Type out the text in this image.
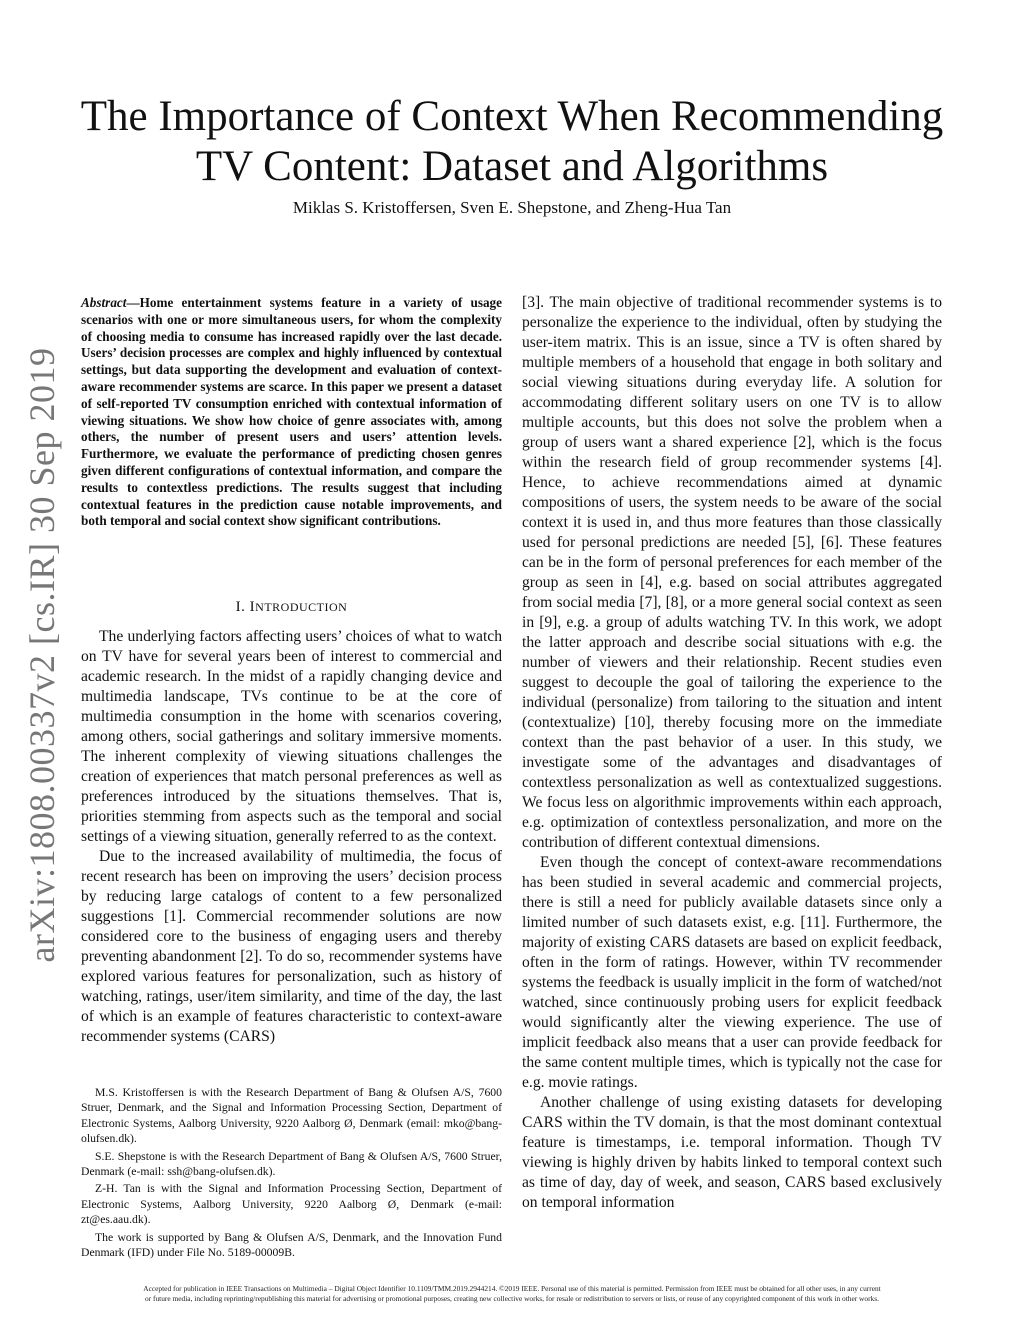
arXiv:1808.00337v2 [cs.IR] 30 Sep 2019
The Importance of Context When Recommending
TV Content: Dataset and Algorithms
Miklas S. Kristoffersen, Sven E. Shepstone, and Zheng-Hua Tan
Abstract—Home entertainment systems feature in a variety of usage scenarios with one or more simultaneous users, for whom the complexity of choosing media to consume has increased rapidly over the last decade. Users’ decision processes are complex and highly influenced by contextual settings, but data supporting the development and evaluation of context-aware recommender systems are scarce. In this paper we present a dataset of self-reported TV consumption enriched with contextual information of viewing situations. We show how choice of genre associates with, among others, the number of present users and users’ attention levels. Furthermore, we evaluate the performance of predicting chosen genres given different configurations of contextual information, and compare the results to contextless predictions. The results suggest that including contextual features in the prediction cause notable improvements, and both temporal and social context show significant contributions.
I. INTRODUCTION

The underlying factors affecting users’ choices of what to watch on TV have for several years been of interest to commercial and academic research. In the midst of a rapidly changing device and multimedia landscape, TVs continue to be at the core of multimedia consumption in the home with scenarios covering, among others, social gatherings and solitary immersive moments. The inherent complexity of viewing situations challenges the creation of experiences that match personal preferences as well as preferences introduced by the situations themselves. That is, priorities stemming from aspects such as the temporal and social settings of a viewing situation, generally referred to as the context.

Due to the increased availability of multimedia, the focus of recent research has been on improving the users’ decision process by reducing large catalogs of content to a few personalized suggestions [1]. Commercial recommender solutions are now considered core to the business of engaging users and thereby preventing abandonment [2]. To do so, recommender systems have explored various features for personalization, such as history of watching, ratings, user/item similarity, and time of the day, the last of which is an example of features characteristic to context-aware recommender systems (CARS)

M.S. Kristoffersen is with the Research Department of Bang & Olufsen A/S, 7600 Struer, Denmark, and the Signal and Information Processing Section, Department of Electronic Systems, Aalborg University, 9220 Aalborg Ø, Denmark (email: mko@bang-olufsen.dk).

S.E. Shepstone is with the Research Department of Bang & Olufsen A/S, 7600 Struer, Denmark (e-mail: ssh@bang-olufsen.dk).

Z-H. Tan is with the Signal and Information Processing Section, Department of Electronic Systems, Aalborg University, 9220 Aalborg Ø, Denmark (e-mail: zt@es.aau.dk).

The work is supported by Bang & Olufsen A/S, Denmark, and the Innovation Fund Denmark (IFD) under File No. 5189-00009B.

[3]. The main objective of traditional recommender systems is to personalize the experience to the individual, often by studying the user-item matrix. This is an issue, since a TV is often shared by multiple members of a household that engage in both solitary and social viewing situations during everyday life. A solution for accommodating different solitary users on one TV is to allow multiple accounts, but this does not solve the problem when a group of users want a shared experience [2], which is the focus within the research field of group recommender systems [4]. Hence, to achieve recommendations aimed at dynamic compositions of users, the system needs to be aware of the social context it is used in, and thus more features than those classically used for personal predictions are needed [5], [6]. These features can be in the form of personal preferences for each member of the group as seen in [4], e.g. based on social attributes aggregated from social media [7], [8], or a more general social context as seen in [9], e.g. a group of adults watching TV. In this work, we adopt the latter approach and describe social situations with e.g. the number of viewers and their relationship. Recent studies even suggest to decouple the goal of tailoring the experience to the individual (personalize) from tailoring to the situation and intent (contextualize) [10], thereby focusing more on the immediate context than the past behavior of a user. In this study, we investigate some of the advantages and disadvantages of contextless personalization as well as contextualized suggestions. We focus less on algorithmic improvements within each approach, e.g. optimization of contextless personalization, and more on the contribution of different contextual dimensions.

Even though the concept of context-aware recommendations has been studied in several academic and commercial projects, there is still a need for publicly available datasets since only a limited number of such datasets exist, e.g. [11]. Furthermore, the majority of existing CARS datasets are based on explicit feedback, often in the form of ratings. However, within TV recommender systems the feedback is usually implicit in the form of watched/not watched, since continuously probing users for explicit feedback would significantly alter the viewing experience. The use of implicit feedback also means that a user can provide feedback for the same content multiple times, which is typically not the case for e.g. movie ratings.

Another challenge of using existing datasets for developing CARS within the TV domain, is that the most dominant contextual feature is timestamps, i.e. temporal information. Though TV viewing is highly driven by habits linked to temporal context such as time of day, day of week, and season, CARS based exclusively on temporal information

Accepted for publication in IEEE Transactions on Multimedia – Digital Object Identifier 10.1109/TMM.2019.2944214. ©2019 IEEE. Personal use of this material is permitted. Permission from IEEE must be obtained for all other uses, in any current
or future media, including reprinting/republishing this material for advertising or promotional purposes, creating new collective works, for resale or redistribution to servers or lists, or reuse of any copyrighted component of this work in other works.
